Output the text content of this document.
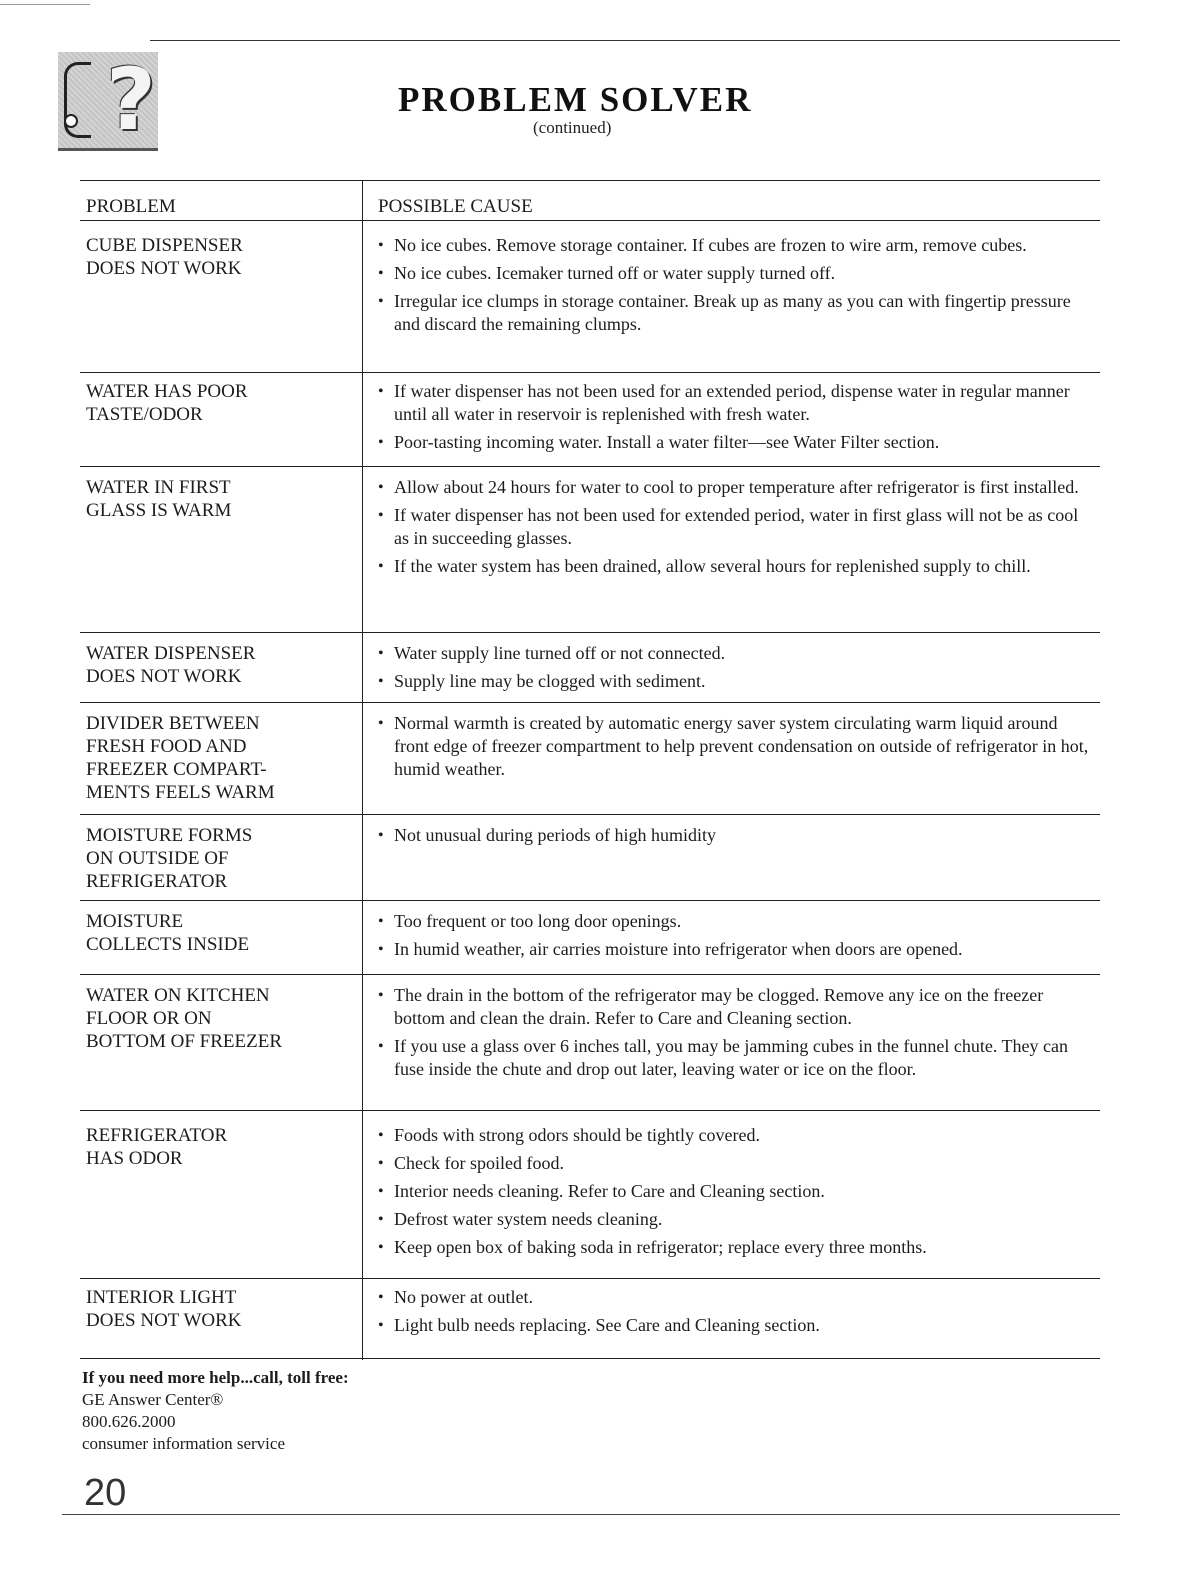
?	PROBLEM SOLVER
(continued)
PROBLEM	POSSIBLE CAUSE
CUBE DISPENSER
DOES NOT WORK
• No ice cubes. Remove storage container. If cubes are frozen to wire arm, remove cubes.
• No ice cubes. Icemaker turned off or water supply turned off.
• Irregular ice clumps in storage container. Break up as many as you can with fingertip pressure and discard the remaining clumps.
WATER HAS POOR
TASTE/ODOR
• If water dispenser has not been used for an extended period, dispense water in regular manner until all water in reservoir is replenished with fresh water.
• Poor-tasting incoming water. Install a water filter—see Water Filter section.
WATER IN FIRST
GLASS IS WARM
• Allow about 24 hours for water to cool to proper temperature after refrigerator is first installed.
• If water dispenser has not been used for extended period, water in first glass will not be as cool as in succeeding glasses.
• If the water system has been drained, allow several hours for replenished supply to chill.
WATER DISPENSER
DOES NOT WORK
• Water supply line turned off or not connected.
• Supply line may be clogged with sediment.
DIVIDER BETWEEN
FRESH FOOD AND
FREEZER COMPART-
MENTS FEELS WARM
• Normal warmth is created by automatic energy saver system circulating warm liquid around front edge of freezer compartment to help prevent condensation on outside of refrigerator in hot, humid weather.
MOISTURE FORMS
ON OUTSIDE OF
REFRIGERATOR
• Not unusual during periods of high humidity
MOISTURE
COLLECTS INSIDE
• Too frequent or too long door openings.
• In humid weather, air carries moisture into refrigerator when doors are opened.
WATER ON KITCHEN
FLOOR OR ON
BOTTOM OF FREEZER
• The drain in the bottom of the refrigerator may be clogged. Remove any ice on the freezer bottom and clean the drain. Refer to Care and Cleaning section.
• If you use a glass over 6 inches tall, you may be jamming cubes in the funnel chute. They can fuse inside the chute and drop out later, leaving water or ice on the floor.
REFRIGERATOR
HAS ODOR
• Foods with strong odors should be tightly covered.
• Check for spoiled food.
• Interior needs cleaning. Refer to Care and Cleaning section.
• Defrost water system needs cleaning.
• Keep open box of baking soda in refrigerator; replace every three months.
INTERIOR LIGHT
DOES NOT WORK
• No power at outlet.
• Light bulb needs replacing. See Care and Cleaning section.
If you need more help...call, toll free:
GE Answer Center®
800.626.2000
consumer information service
20
